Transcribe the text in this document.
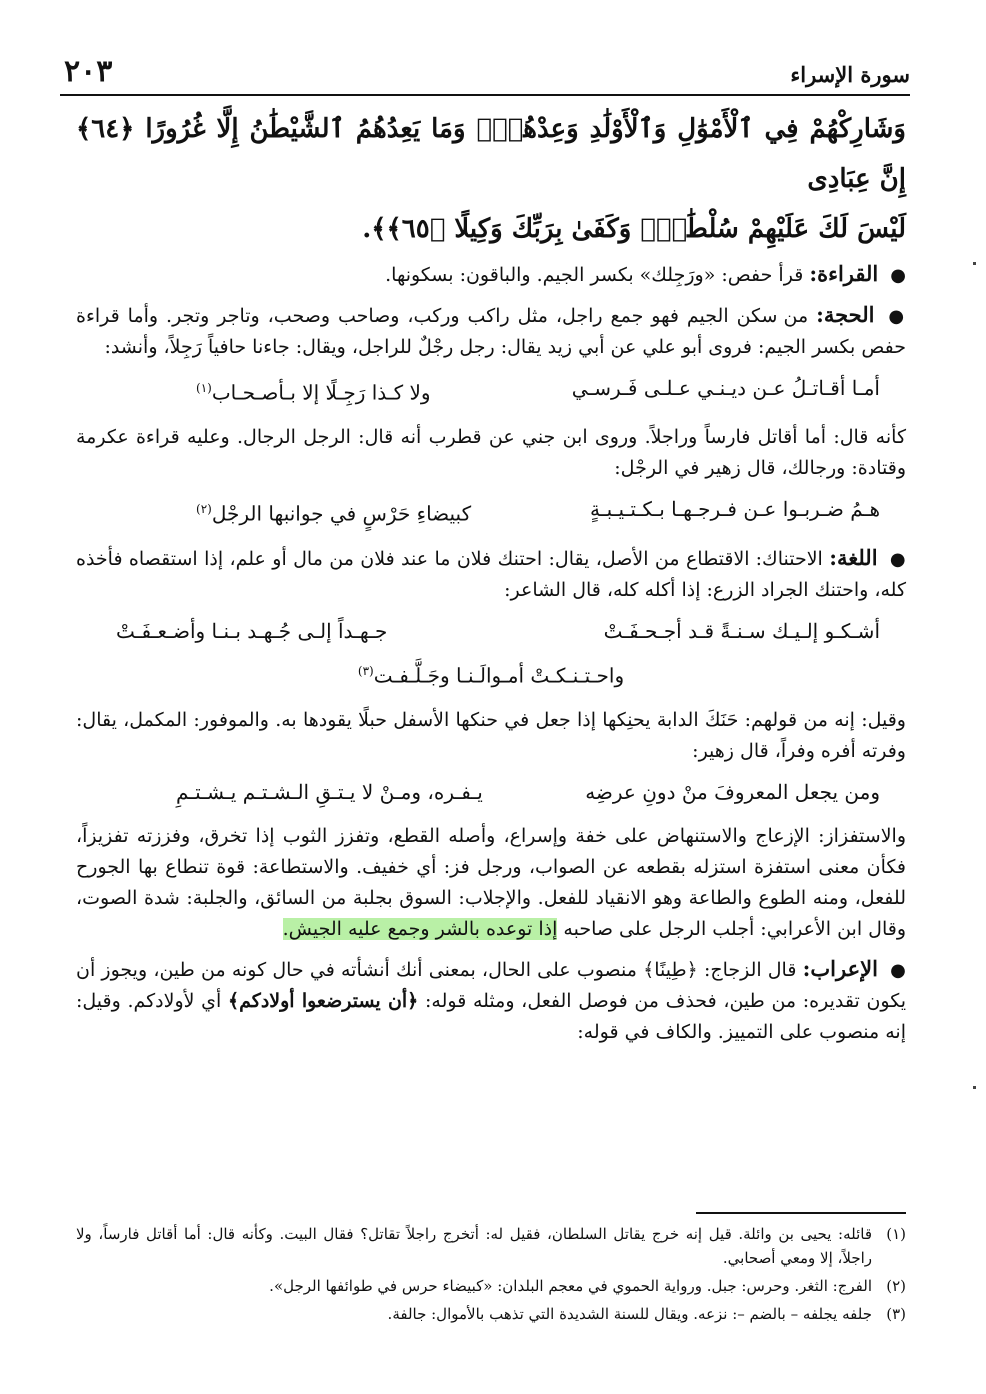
سورة الإسراء
٢٠٣
وَشَارِكْهُمْ فِي ٱلْأَمْوَٰلِ وَٱلْأَوْلَٰدِ وَعِدْهُمْۚ وَمَا يَعِدُهُمُ ٱلشَّيْطَٰنُ إِلَّا غُرُورًا ﴿٦٤﴾ إِنَّ عِبَادِى
لَيْسَ لَكَ عَلَيْهِمْ سُلْطَٰنٌۚ وَكَفَىٰ بِرَبِّكَ وَكِيلًا ﴿٦٥﴾﴾.
● القراءة: قرأ حفص: «ورَجِلك» بكسر الجيم. والباقون: بسكونها.
● الحجة: من سكن الجيم فهو جمع راجل، مثل راكب وركب، وصاحب وصحب، وتاجر وتجر. وأما قراءة حفص بكسر الجيم: فروى أبو علي عن أبي زيد يقال: رجل رجْلٌ للراجل، ويقال: جاءنا حافياً رَجِلاً، وأنشد:
أمـا أقـاتـلُ عـن ديـنـي عـلـى فَـرسـي
ولا كـذا رَجِـلًا إلا بـأصـحـاب$^{(١)}$
كأنه قال: أما أقاتل فارساً وراجلاً. وروى ابن جني عن قطرب أنه قال: الرجل الرجال. وعليه قراءة عكرمة وقتادة: ورجالك، قال زهير في الرجْل:
هـمُ ضـربـوا عـن فـرجـهـا بـكـتـيـبـةٍ
كبيضاءِ حَرْسٍ في جوانبها الرجْل$^{(٢)}$
● اللغة: الاحتناك: الاقتطاع من الأصل، يقال: احتنك فلان ما عند فلان من مال أو علم، إذا استقصاه فأخذه كله، واحتنك الجراد الزرع: إذا أكله كله، قال الشاعر:
أشـكـو إلـيـك سـنـةً قـد أجـحـفَـتْ
جـهـداً إلـى جُـهـد بـنـا وأضـعـفَـتْ
واحـتـنـكـتْ أمـوالَـنـا وجَـلَّـفـت$^{(٣)}$
وقيل: إنه من قولهم: حَنَكَ الدابة يحنِكها إذا جعل في حنكها الأسفل حبلًا يقودها به. والموفور: المكمل، يقال: وفرته أفره وفراً، قال زهير:
ومن يجعل المعروفَ منْ دونِ عرضِه
يـفـره، ومـنْ لا يـتـقِ الـشـتـم يـشـتـمِ
والاستفزاز: الإزعاج والاستنهاض على خفة وإسراع، وأصله القطع، وتفزز الثوب إذا تخرق، وفززته تفزيزاً، فكأن معنى استفزة استزله بقطعه عن الصواب، ورجل فز: أي خفيف. والاستطاعة: قوة تنطاع بها الجورح للفعل، ومنه الطوع والطاعة وهو الانقياد للفعل. والإجلاب: السوق بجلبة من السائق، والجلبة: شدة الصوت، وقال ابن الأعرابي: أجلب الرجل على صاحبه إذا توعده بالشر وجمع عليه الجيش.
● الإعراب: قال الزجاج: ﴿طِينًا﴾ منصوب على الحال، بمعنى أنك أنشأته في حال كونه من طين، ويجوز أن يكون تقديره: من طين، فحذف من فوصل الفعل، ومثله قوله: ﴿أن يسترضعوا أولادكم﴾ أي لأولادكم. وقيل: إنه منصوب على التمييز. والكاف في قوله:
(١)
قائله: يحيى بن وائلة. قيل إنه خرج يقاتل السلطان، فقيل له: أتخرج راجلاً تقاتل؟ فقال البيت. وكأنه قال: أما أقاتل فارساً، ولا راجلاً، إلا ومعي أصحابي.
(٢)
الفرج: الثغر. وحرس: جبل. ورواية الحموي في معجم البلدان: «كبيضاء حرس في طوائفها الرجل».
(٣)
جلفه يجلفه – بالضم –: نزعه. ويقال للسنة الشديدة التي تذهب بالأموال: جالفة.
